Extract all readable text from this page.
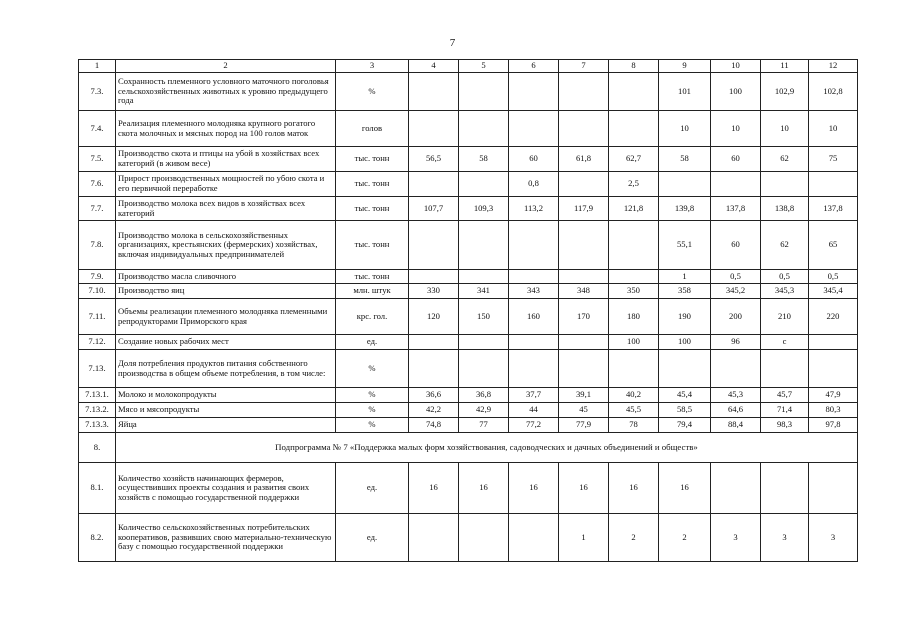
7
1	2	3	4	5	6	7	8	9	10	11	12
7.3.	Сохранность племенного условного маточного поголовья сельскохозяйственных животных к уровню предыдущего года	%						101	100	102,9	102,8
7.4.	Реализация племенного молодняка крупного рогатого скота молочных и мясных пород на 100 голов маток	голов						10	10	10	10
7.5.	Производство скота и птицы на убой в хозяйствах всех категорий (в живом весе)	тыс. тонн	56,5	58	60	61,8	62,7	58	60	62	75
7.6.	Прирост производственных мощностей по убою скота и его первичной переработке	тыс. тонн			0,8		2,5				
7.7.	Производство молока всех видов в хозяйствах всех категорий	тыс. тонн	107,7	109,3	113,2	117,9	121,8	139,8	137,8	138,8	137,8
7.8.	Производство молока в сельскохозяйственных организациях, крестьянских (фермерских) хозяйствах, включая индивидуальных предпринимателей	тыс. тонн						55,1	60	62	65
7.9.	Производство масла сливочного	тыс. тонн						1	0,5	0,5	0,5
7.10.	Производство яиц	млн. штук	330	341	343	348	350	358	345,2	345,3	345,4
7.11.	Объемы реализации племенного молодняка племенными репродукторами Приморского края	крс. гол.	120	150	160	170	180	190	200	210	220
7.12.	Создание новых рабочих мест	ед.					100	100	96	с	
7.13.	Доля потребления продуктов питания собственного производства в общем объеме потребления, в том числе:	%									
7.13.1.	Молоко и молокопродукты	%	36,6	36,8	37,7	39,1	40,2	45,4	45,3	45,7	47,9
7.13.2.	Мясо и мясопродукты	%	42,2	42,9	44	45	45,5	58,5	64,6	71,4	80,3
7.13.3.	Яйца	%	74,8	77	77,2	77,9	78	79,4	88,4	98,3	97,8
8.	Подпрограмма № 7 «Поддержка малых форм хозяйствования, садоводческих и дачных объединений и обществ»										
8.1.	Количество хозяйств начинающих фермеров, осуществивших проекты создания и развития своих хозяйств с помощью государственной поддержки	ед.	16	16	16	16	16	16			
8.2.	Количество сельскохозяйственных потребительских кооперативов, развивших свою материально-техническую базу с помощью государственной поддержки	ед.				1	2	2	3	3	3
